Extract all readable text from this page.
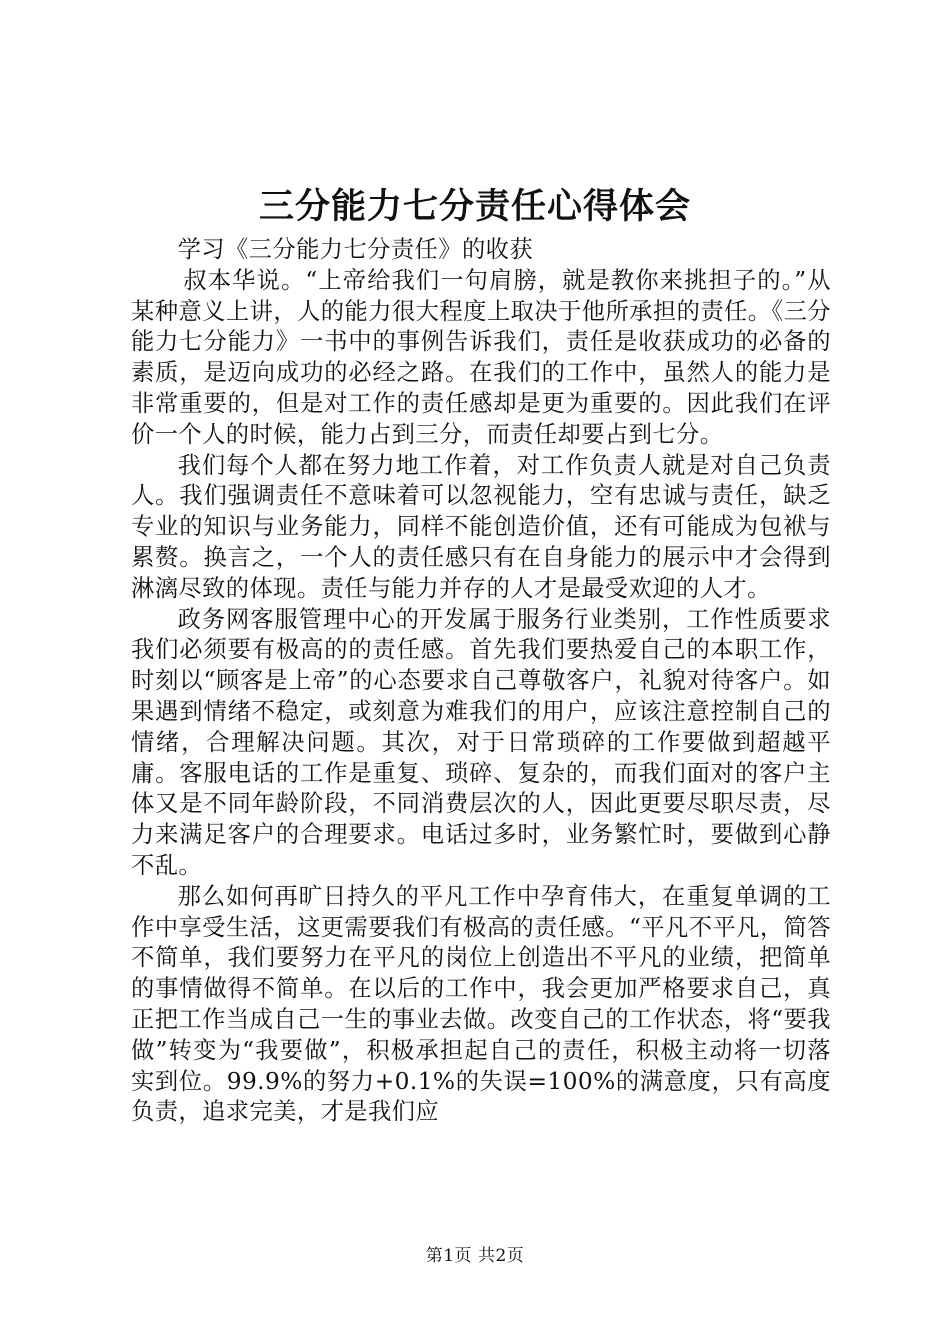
三分能力七分责任心得体会

学习《三分能力七分责任》的收获

叔本华说。“上帝给我们一句肩膀，就是教你来挑担子的。”从某种意义上讲，人的能力很大程度上取决于他所承担的责任。《三分能力七分能力》一书中的事例告诉我们，责任是收获成功的必备的素质，是迈向成功的必经之路。在我们的工作中，虽然人的能力是非常重要的，但是对工作的责任感却是更为重要的。因此我们在评价一个人的时候，能力占到三分，而责任却要占到七分。

我们每个人都在努力地工作着，对工作负责人就是对自己负责人。我们强调责任不意味着可以忽视能力，空有忠诚与责任，缺乏专业的知识与业务能力，同样不能创造价值，还有可能成为包袱与累赘。换言之，一个人的责任感只有在自身能力的展示中才会得到淋漓尽致的体现。责任与能力并存的人才是最受欢迎的人才。

政务网客服管理中心的开发属于服务行业类别，工作性质要求我们必须要有极高的的责任感。首先我们要热爱自己的本职工作，时刻以“顾客是上帝”的心态要求自己尊敬客户，礼貌对待客户。如果遇到情绪不稳定，或刻意为难我们的用户，应该注意控制自己的情绪，合理解决问题。其次，对于日常琐碎的工作要做到超越平庸。客服电话的工作是重复、琐碎、复杂的，而我们面对的客户主体又是不同年龄阶段，不同消费层次的人，因此更要尽职尽责，尽力来满足客户的合理要求。电话过多时，业务繁忙时，要做到心静不乱。

那么如何再旷日持久的平凡工作中孕育伟大，在重复单调的工作中享受生活，这更需要我们有极高的责任感。“平凡不平凡，简答不简单，我们要努力在平凡的岗位上创造出不平凡的业绩，把简单的事情做得不简单。在以后的工作中，我会更加严格要求自己，真正把工作当成自己一生的事业去做。改变自己的工作状态，将“要我做”转变为“我要做”，积极承担起自己的责任，积极主动将一切落实到位。99.9%的努力+0.1%的失误=100%的满意度，只有高度负责，追求完美，才是我们应

第1页 共2页
